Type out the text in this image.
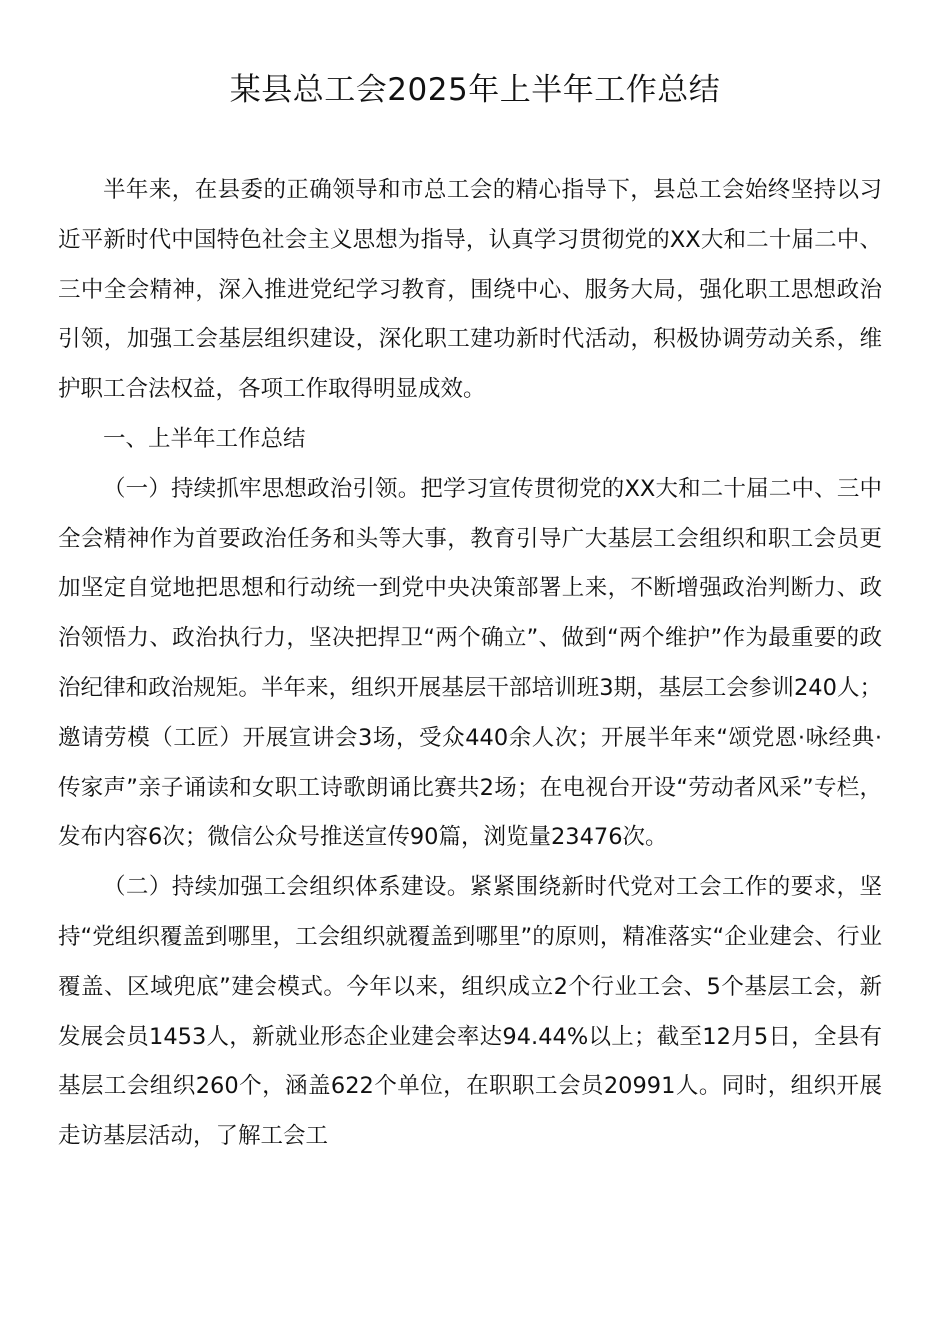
某县总工会2025年上半年工作总结

半年来，在县委的正确领导和市总工会的精心指导下，县总工会始终坚持以习近平新时代中国特色社会主义思想为指导，认真学习贯彻党的XX大和二十届二中、三中全会精神，深入推进党纪学习教育，围绕中心、服务大局，强化职工思想政治引领，加强工会基层组织建设，深化职工建功新时代活动，积极协调劳动关系，维护职工合法权益，各项工作取得明显成效。

一、上半年工作总结

（一）持续抓牢思想政治引领。把学习宣传贯彻党的XX大和二十届二中、三中全会精神作为首要政治任务和头等大事，教育引导广大基层工会组织和职工会员更加坚定自觉地把思想和行动统一到党中央决策部署上来，不断增强政治判断力、政治领悟力、政治执行力，坚决把捍卫“两个确立”、做到“两个维护”作为最重要的政治纪律和政治规矩。半年来，组织开展基层干部培训班3期，基层工会参训240人；邀请劳模（工匠）开展宣讲会3场，受众440余人次；开展半年来“颂党恩·咏经典·传家声”亲子诵读和女职工诗歌朗诵比赛共2场；在电视台开设“劳动者风采”专栏，发布内容6次；微信公众号推送宣传90篇，浏览量23476次。

（二）持续加强工会组织体系建设。紧紧围绕新时代党对工会工作的要求，坚持“党组织覆盖到哪里，工会组织就覆盖到哪里”的原则，精准落实“企业建会、行业覆盖、区域兜底”建会模式。今年以来，组织成立2个行业工会、5个基层工会，新发展会员1453人，新就业形态企业建会率达94.44%以上；截至12月5日，全县有基层工会组织260个，涵盖622个单位，在职职工会员20991人。同时，组织开展走访基层活动，了解工会工
